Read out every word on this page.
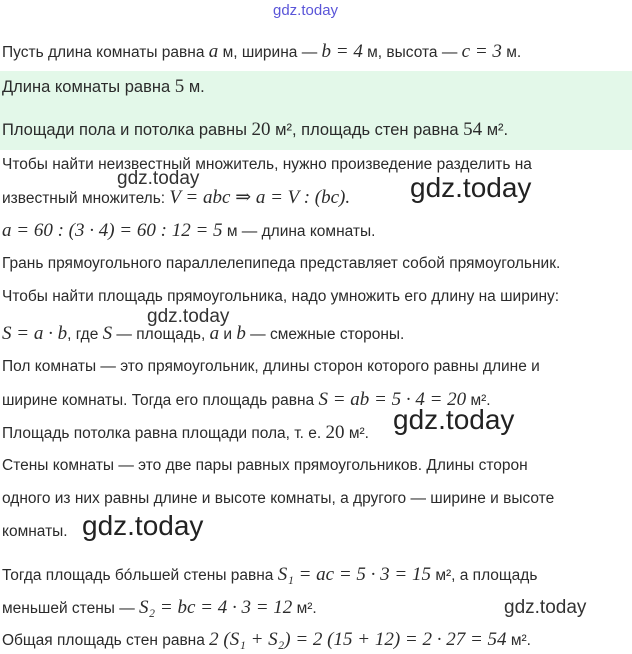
gdz.today
Пусть длина комнаты равна a м, ширина — b = 4 м, высота — c = 3 м.
Длина комнаты равна 5 м.
Площади пола и потолка равны 20 м², площадь стен равна 54 м².
Чтобы найти неизвестный множитель, нужно произведение разделить на
известный множитель: V = abc ⇒ a = V : (bc).
a = 60 : (3 · 4) = 60 : 12 = 5 м — длина комнаты.
Грань прямоугольного параллелепипеда представляет собой прямоугольник.
Чтобы найти площадь прямоугольника, надо умножить его длину на ширину:
S = a · b, где S — площадь, a и b — смежные стороны.
Пол комнаты — это прямоугольник, длины сторон которого равны длине и
ширине комнаты. Тогда его площадь равна S = ab = 5 · 4 = 20 м².
Площадь потолка равна площади пола, т. е. 20 м².
Стены комнаты — это две пары равных прямоугольников. Длины сторон
одного из них равны длине и высоте комнаты, а другого — ширине и высоте
комнаты.
Тогда площадь бóльшей стены равна S₁ = ac = 5 · 3 = 15 м², а площадь
меньшей стены — S₂ = bc = 4 · 3 = 12 м².
Общая площадь стен равна 2 (S₁ + S₂) = 2 (15 + 12) = 2 · 27 = 54 м².
gdz.today	gdz.today
gdz.today
gdz.today
gdz.today
gdz.today
